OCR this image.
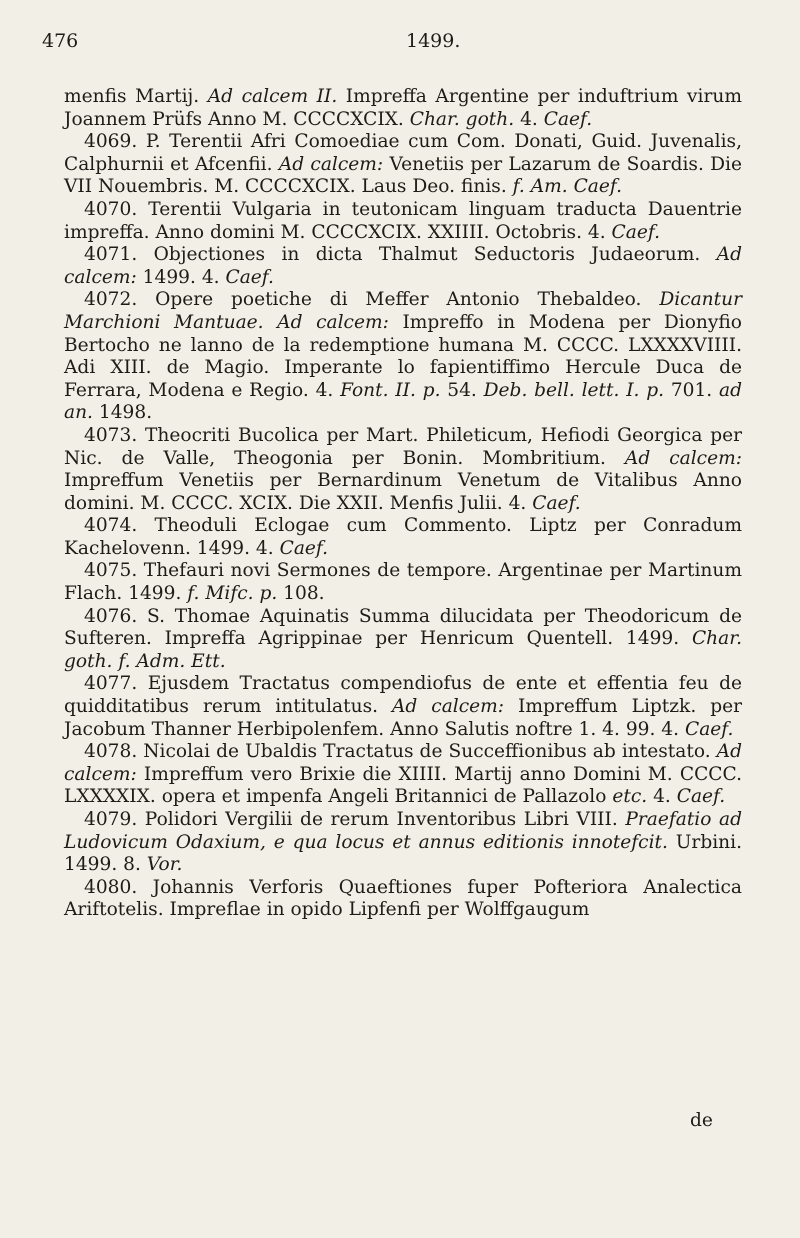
476	1499.

menfis Martij. Ad calcem II. Impreffa Argentine per induftrium virum Joannem Prüfs Anno M. CCCCXCIX. Char. goth. 4. Caef.

4069. P. Terentii Afri Comoediae cum Com. Donati, Guid. Juvenalis, Calphurnii et Afcenfii. Ad calcem: Venetiis per Lazarum de Soardis. Die VII Nouembris. M. CCCCXCIX. Laus Deo. finis. f. Am. Caef.

4070. Terentii Vulgaria in teutonicam linguam traducta Dauentrie impreffa. Anno domini M. CCCCXCIX. XXIIII. Octobris. 4. Caef.

4071. Objectiones in dicta Thalmut Seductoris Judaeorum. Ad calcem: 1499. 4. Caef.

4072. Opere poetiche di Meffer Antonio Thebaldeo. Dicantur Marchioni Mantuae. Ad calcem: Impreffo in Modena per Dionyfio Bertocho ne lanno de la redemptione humana M. CCCC. LXXXXVIIII. Adi XIII. de Magio. Imperante lo fapientiffimo Hercule Duca de Ferrara, Modena e Regio. 4. Font. II. p. 54. Deb. bell. lett. I. p. 701. ad an. 1498.

4073. Theocriti Bucolica per Mart. Phileticum, Hefiodi Georgica per Nic. de Valle, Theogonia per Bonin. Mombritium. Ad calcem: Impreffum Venetiis per Bernardinum Venetum de Vitalibus Anno domini. M. CCCC. XCIX. Die XXII. Menfis Julii. 4. Caef.

4074. Theoduli Eclogae cum Commento. Liptz per Conradum Kachelovenn. 1499. 4. Caef.

4075. Thefauri novi Sermones de tempore. Argentinae per Martinum Flach. 1499. f. Mifc. p. 108.

4076. S. Thomae Aquinatis Summa dilucidata per Theodoricum de Sufteren. Impreffa Agrippinae per Henricum Quentell. 1499. Char. goth. f. Adm. Ett.

4077. Ejusdem Tractatus compendiofus de ente et effentia feu de quidditatibus rerum intitulatus. Ad calcem: Impreffum Liptzk. per Jacobum Thanner Herbipolenfem. Anno Salutis noftre 1. 4. 99. 4. Caef.

4078. Nicolai de Ubaldis Tractatus de Succeffionibus ab intestato. Ad calcem: Impreffum vero Brixie die XIIII. Martij anno Domini M. CCCC. LXXXXIX. opera et impenfa Angeli Britannici de Pallazolo etc. 4. Caef.

4079. Polidori Vergilii de rerum Inventoribus Libri VIII. Praefatio ad Ludovicum Odaxium, e qua locus et annus editionis innotefcit. Urbini. 1499. 8. Vor.

4080. Johannis Verforis Quaeftiones fuper Pofteriora Analectica Ariftotelis. Impreflae in opido Lipfenfi per Wolffgaugum

de
